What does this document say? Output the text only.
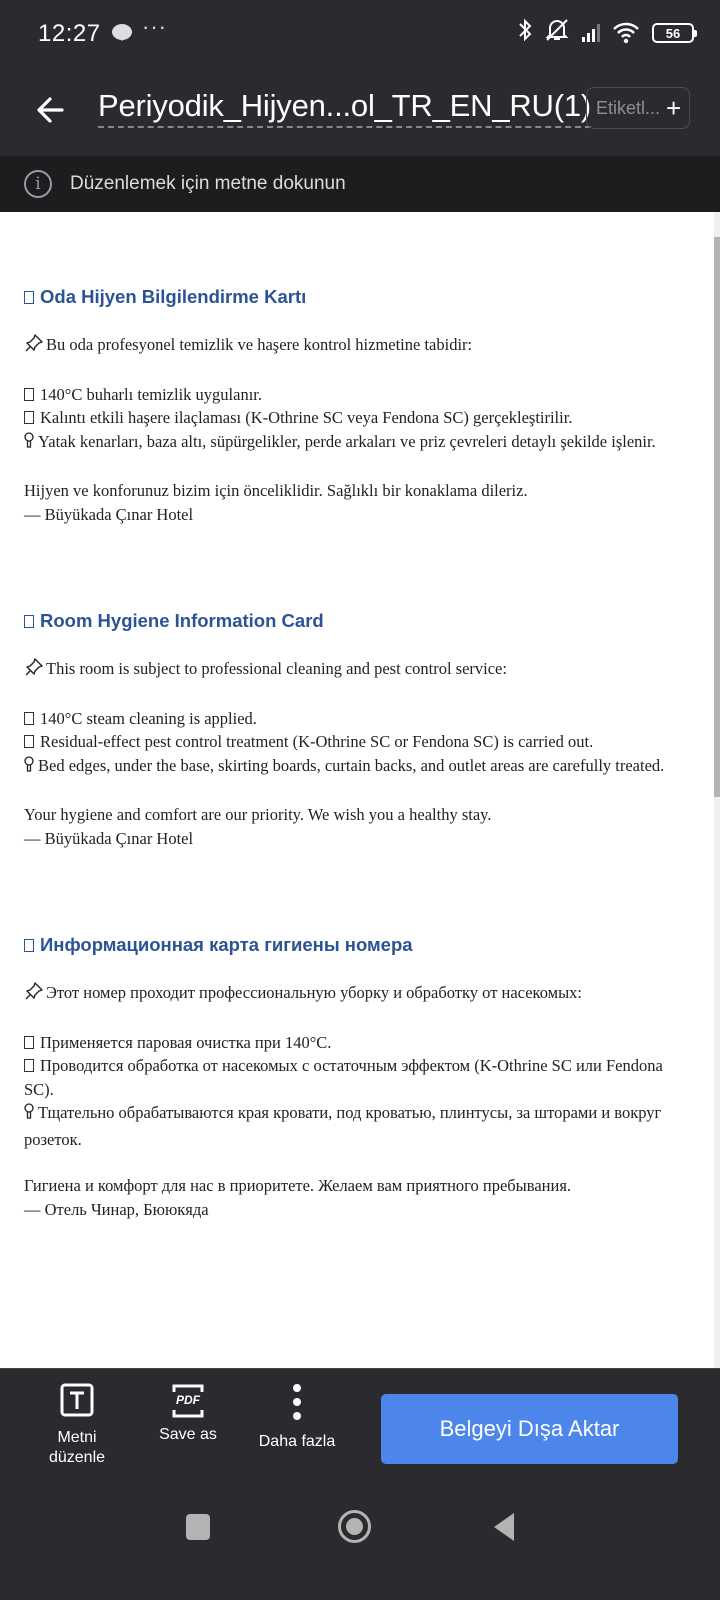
12:27 ···	56
Periyodik_Hijyen...ol_TR_EN_RU(1) Etiketl... +
i	Düzenlemek için metne dokunun
Oda Hijyen Bilgilendirme Kartı
Bu oda profesyonel temizlik ve haşere kontrol hizmetine tabidir:
140°C buharlı temizlik uygulanır.
Kalıntı etkili haşere ilaçlaması (K-Othrine SC veya Fendona SC) gerçekleştirilir.
Yatak kenarları, baza altı, süpürgelikler, perde arkaları ve priz çevreleri detaylı şekilde işlenir.
Hijyen ve konforunuz bizim için önceliklidir. Sağlıklı bir konaklama dileriz.
— Büyükada Çınar Hotel
Room Hygiene Information Card
This room is subject to professional cleaning and pest control service:
140°C steam cleaning is applied.
Residual-effect pest control treatment (K-Othrine SC or Fendona SC) is carried out.
Bed edges, under the base, skirting boards, curtain backs, and outlet areas are carefully treated.
Your hygiene and comfort are our priority. We wish you a healthy stay.
— Büyükada Çınar Hotel
Информационная карта гигиены номера
Этот номер проходит профессиональную уборку и обработку от насекомых:
Применяется паровая очистка при 140°C.
Проводится обработка от насекомых с остаточным эффектом (K-Othrine SC или Fendona SC).
Тщательно обрабатываются края кровати, под кроватью, плинтусы, за шторами и вокруг розеток.
Гигиена и комфорт для нас в приоритете. Желаем вам приятного пребывания.
— Отель Чинар, Бююкяда
Metni düzenle
PDF
Save as	Daha fazla
Belgeyi Dışa Aktar
